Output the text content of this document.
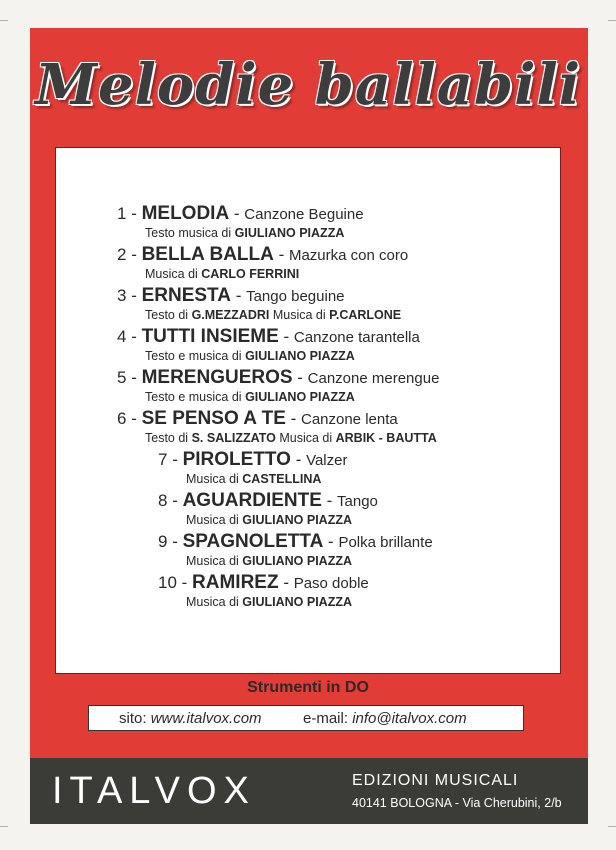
Melodie ballabili
1 - MELODIA - Canzone Beguine
Testo musica di GIULIANO PIAZZA
2 - BELLA BALLA - Mazurka con coro
Musica di CARLO FERRINI
3 - ERNESTA - Tango beguine
Testo di G.MEZZADRI Musica di P.CARLONE
4 - TUTTI INSIEME - Canzone tarantella
Testo e musica di GIULIANO PIAZZA
5 - MERENGUEROS - Canzone merengue
Testo e musica di GIULIANO PIAZZA
6 - SE PENSO A TE - Canzone lenta
Testo di S. SALIZZATO Musica di ARBIK - BAUTTA
7 - PIROLETTO - Valzer
Musica di CASTELLINA
8 - AGUARDIENTE - Tango
Musica di GIULIANO PIAZZA
9 - SPAGNOLETTA - Polka brillante
Musica di GIULIANO PIAZZA
10 - RAMIREZ - Paso doble
Musica di GIULIANO PIAZZA
Strumenti in DO
sito: www.italvox.com	e-mail: info@italvox.com
ITALVOX	EDIZIONI MUSICALI
40141 BOLOGNA - Via Cherubini, 2/b
